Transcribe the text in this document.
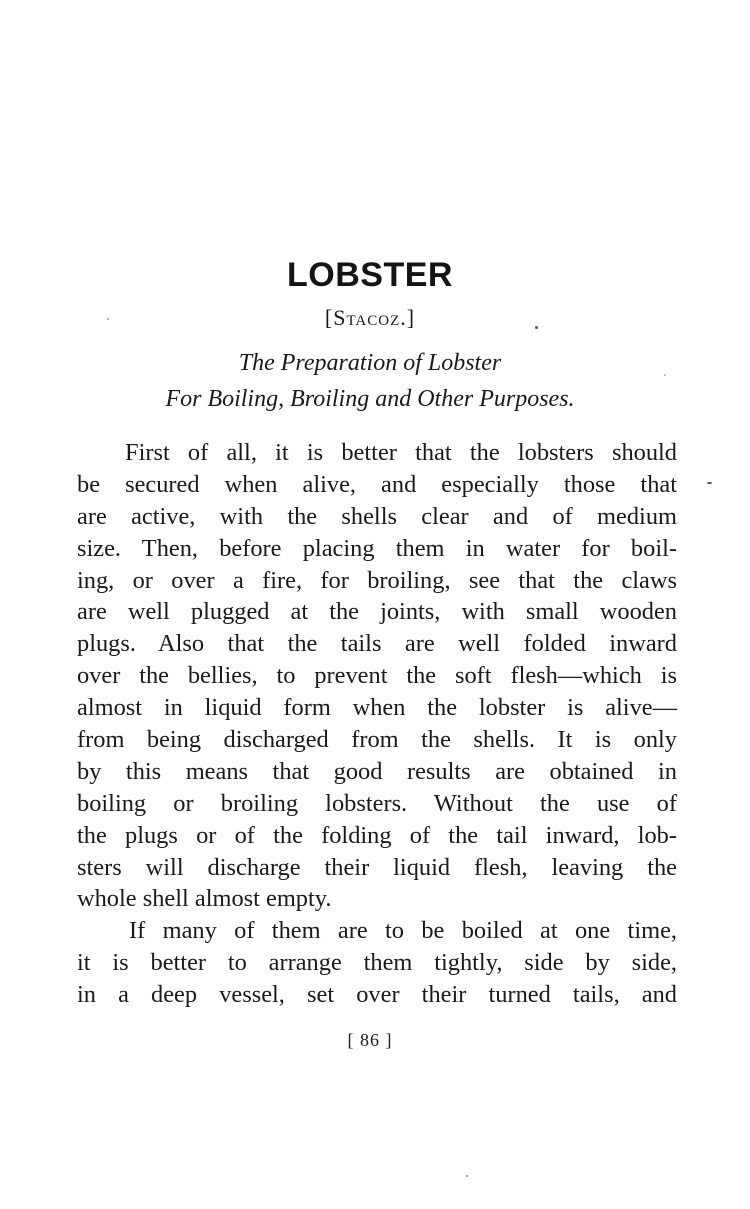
LOBSTER
[Stacoz.]
The Preparation of Lobster
For Boiling, Broiling and Other Purposes.
First of all, it is better that the lobsters should
be secured when alive, and especially those that
are active, with the shells clear and of medium
size. Then, before placing them in water for boil-
ing, or over a fire, for broiling, see that the claws
are well plugged at the joints, with small wooden
plugs. Also that the tails are well folded inward
over the bellies, to prevent the soft flesh—which is
almost in liquid form when the lobster is alive—
from being discharged from the shells. It is only
by this means that good results are obtained in
boiling or broiling lobsters. Without the use of
the plugs or of the folding of the tail inward, lob-
sters will discharge their liquid flesh, leaving the
whole shell almost empty.
If many of them are to be boiled at one time,
it is better to arrange them tightly, side by side,
in a deep vessel, set over their turned tails, and
[ 86 ]
